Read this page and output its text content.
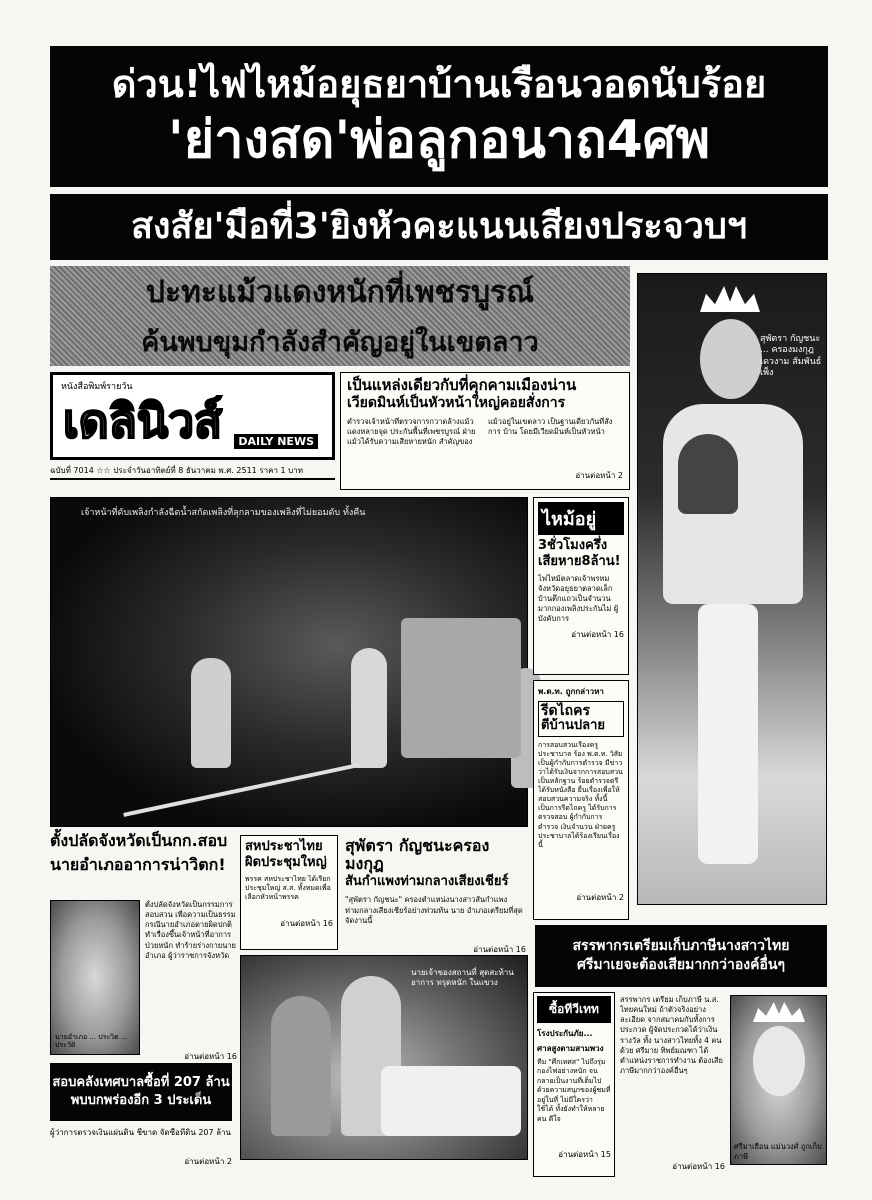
ด่วน!ไฟไหม้อยุธยาบ้านเรือนวอดนับร้อย
'ย่างสด'พ่อลูกอนาถ4ศพ
สงสัย'มือที่3'ยิงหัวคะแนนเสียงประจวบฯ
ปะทะแม้วแดงหนักที่เพชรบูรณ์
ค้นพบขุมกำลังสำคัญอยู่ในเขตลาว
หนังสือพิมพ์รายวัน
เดลินิวส์	DAILY NEWS
ฉบับที่ 7014 ☆☆ ประจำวันอาทิตย์ที่ 8 ธันวาคม พ.ศ. 2511 ราคา 1 บาท
เป็นแหล่งเดียวกับที่คุกคามเมืองน่าน
เวียดมินห์เป็นหัวหน้าใหญ่คอยสั่งการ
ตำรวจเจ้าหน้าที่ตรวจการกวาดล้างแม้วแดงหลายจุด ประกันพื้นที่เพชรบูรณ์ ฝ่ายแม้วได้รับความเสียหายหนัก สำคัญของแม้วอยู่ในเขตลาว เป็นฐานเดียวกันที่สั่งการ บ้าน โดยมีเวียดมินห์เป็นหัวหน้า
อ่านต่อหน้า 2
เจ้าหน้าที่ดับเพลิงกำลังฉีดน้ำสกัดเพลิงที่ลุกลามของเพลิงที่ไม่ยอมดับ ทั้งคืน	ไหม้อยู่
3ชั่วโมงครึ่ง
เสียหาย8ล้าน!
ไฟไหม้ตลาดเจ้าพรหมจังหวัดอยุธยาตลาดเล็ก บ้านตึกแถวเป็นจำนวนมากกองเพลิงประกันไม่ ผู้บังคับการ
อ่านต่อหน้า 16
พ.ต.ท. ถูกกล่าวหา
รีดไถคร
ตีบ้านปลาย
การสอบสวนเรื่องครูประชาบาล ร้อง พ.ต.ท. วิสัยเป็นผู้กำกับการตำรวจ มีข่าวว่าได้รับเงินจากการสอบสวน เป็นหลักฐาน ร้อยตำรวจตรีได้รับหนังสือ ยื่นเรื่องเพื่อให้สอบสวนความจริง ทั้งนี้เป็นการรีดไถครู ได้รับการตรวจสอบ ผู้กำกับการ ตำรวจ เงินจำนวน ฝ่ายครู ประชาบาลได้ร้องเรียนเรื่องนี้
อ่านต่อหน้า 2
สุพัตรา กัญชนะ ... ครองมงกุฎ เดวงาม สัมพันธ์เพ็ง
ตั้งปลัดจังหวัดเป็นกก.สอบ
นายอำเภออาการน่าวิตก!
นายอำเภอ ... ประวิต ... ประวัติ
ตั้งปลัดจังหวัดเป็นกรรมการสอบสวน เพื่อความเป็นธรรม กรณีนายอำเภอตายผิดปกติ ทำเรื่องขึ้นเจ้าหน้าที่อาการป่วยหนัก ทำร้ายร่างกายนายอำเภอ ผู้ว่าราชการจังหวัด
อ่านต่อหน้า 16
สหประชาไทย
ผิดประชุมใหญ่
พรรค สหประชาไทย ได้เรียกประชุมใหญ่ ส.ส. ทั้งหมดเพื่อเลือกหัวหน้าพรรค
อ่านต่อหน้า 16
สุพัตรา กัญชนะครองมงกุฎ
สันกำแพงท่ามกลางเสียงเชียร์
"สุพัตรา กัญชนะ" ครองตำแหน่งนางสาวสันกำแพง ท่ามกลางเสียงเชียร์อย่างท่วมท้น นาย อำเภอเตรียมที่สุดจัดงานนี้
อ่านต่อหน้า 16
นายเจ้าของสถานที่ สุดสะท้าน อาการ ทรุดหนัก ในแขวง
สรรพากรเตรียมเก็บภาษีนางสาวไทย
ศรีมาเยจะต้องเสียมากกว่าองค์อื่นๆ
ซื้อทีวีเทท
โรงประกันภัย...
ศาลสูงตามสามพวง
ทีม "ศึกเทศส" ไปถึงรุ่มกองไฟอย่างหนัก จนกลายเป็นงานที่เต็มไปด้วยความสนุกของผู้ชมที่อยู่ในที่ ไม่มีใครว่า ใช้ได้ ทั้งยังทำให้หลายคน ดีใจ
อ่านต่อหน้า 15
สรรพากร เตรียม เก็บภาษี น.ส. ไทยคนใหม่ ถ้าตัวจริงอย่างละเอียด จากสมาคมกับทั้งการประกวด ผู้จัดประกวดได้ว่าเงินรางวัล ทั้ง นางสาวไทยทั้ง 4 คนด้วย ศรีมาย ทิพย์มณฑา ได้ ตำแหน่งราชการทำงาน ต้องเสียภาษีมากกว่าองค์อื่นๆ
อ่านต่อหน้า 16
ศรีมาเยือน แม่นวงศ์ ถูกเก็บภาษี
สอบคลังเทศบาลซื้อที่ 207 ล้าน
พบบกพร่องอีก 3 ประเด็น
ผู้ว่าการตรวจเงินแผ่นดิน ชี้ขาด จัดซื้อที่ดิน 207 ล้าน
อ่านต่อหน้า 2
